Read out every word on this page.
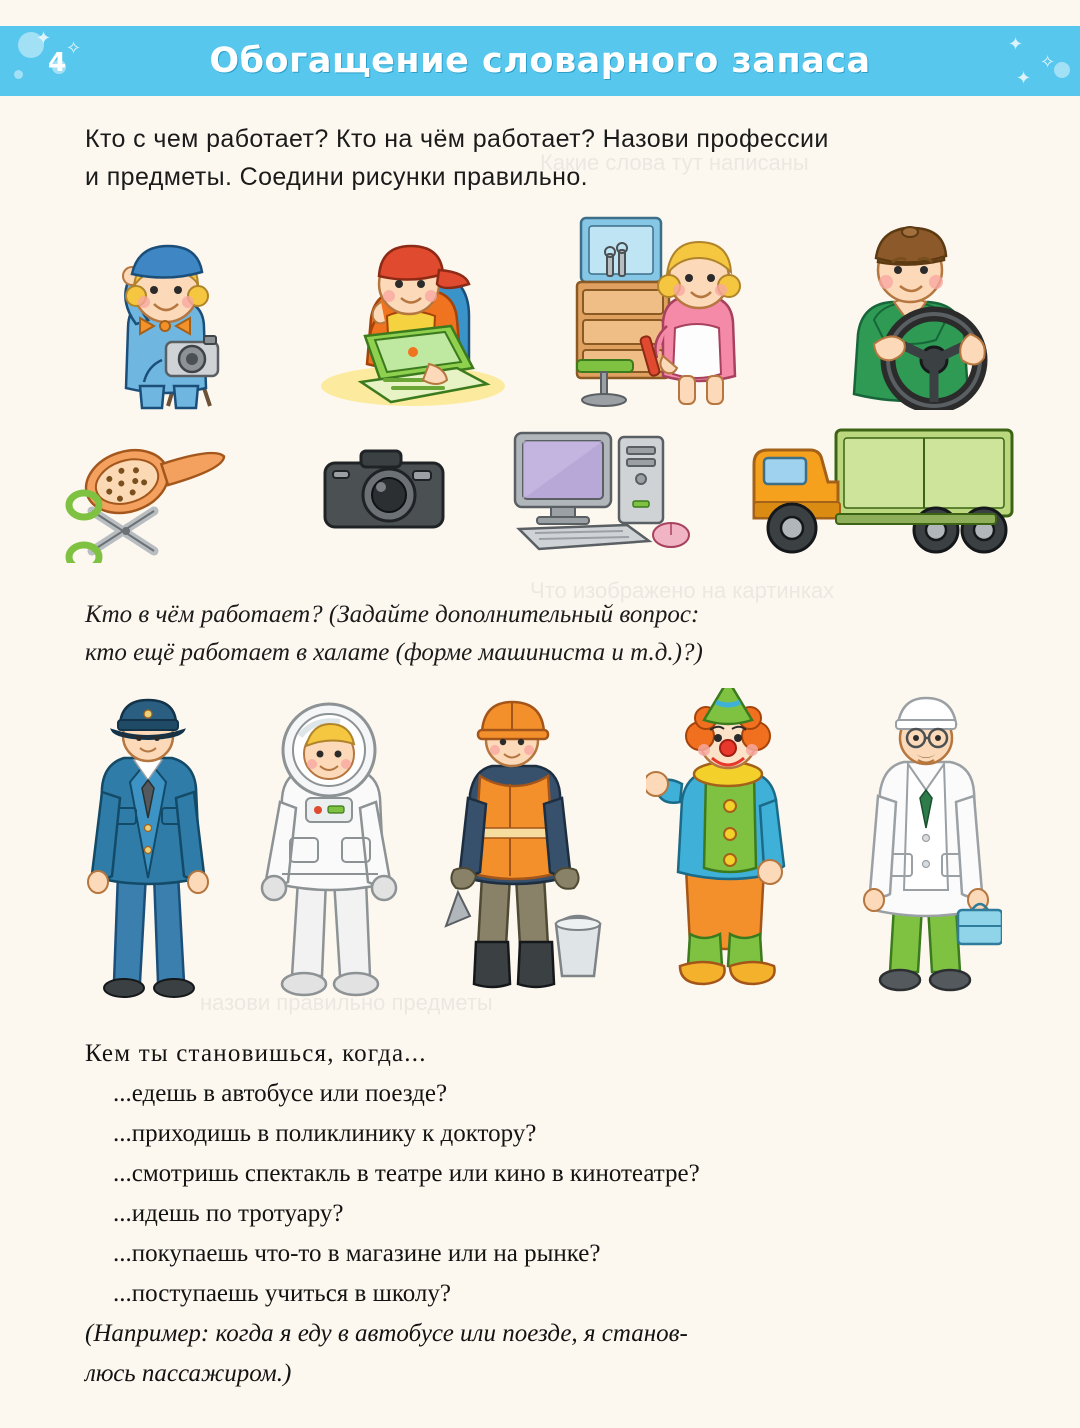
✦ ✧	✦
✧
✦
Обогащение словарного запаса
4
Какие слова тут написаны
Что изображено на картинках
назови правильно предметы
Кто с чем работает? Кто на чём работает? Назови профессии
и предметы. Соедини рисунки правильно.
Кто в чём работает? (Задайте дополнительный вопрос:
кто ещё работает в халате (форме машиниста и т.д.)?)
Кем ты становишься, когда...
...едешь в автобусе или поезде?
...приходишь в поликлинику к доктору?
...смотришь спектакль в театре или кино в кинотеатре?
...идешь по тротуару?
...покупаешь что-то в магазине или на рынке?
...поступаешь учиться в школу?
(Например: когда я еду в автобусе или поезде, я станов-
люсь пассажиром.)
